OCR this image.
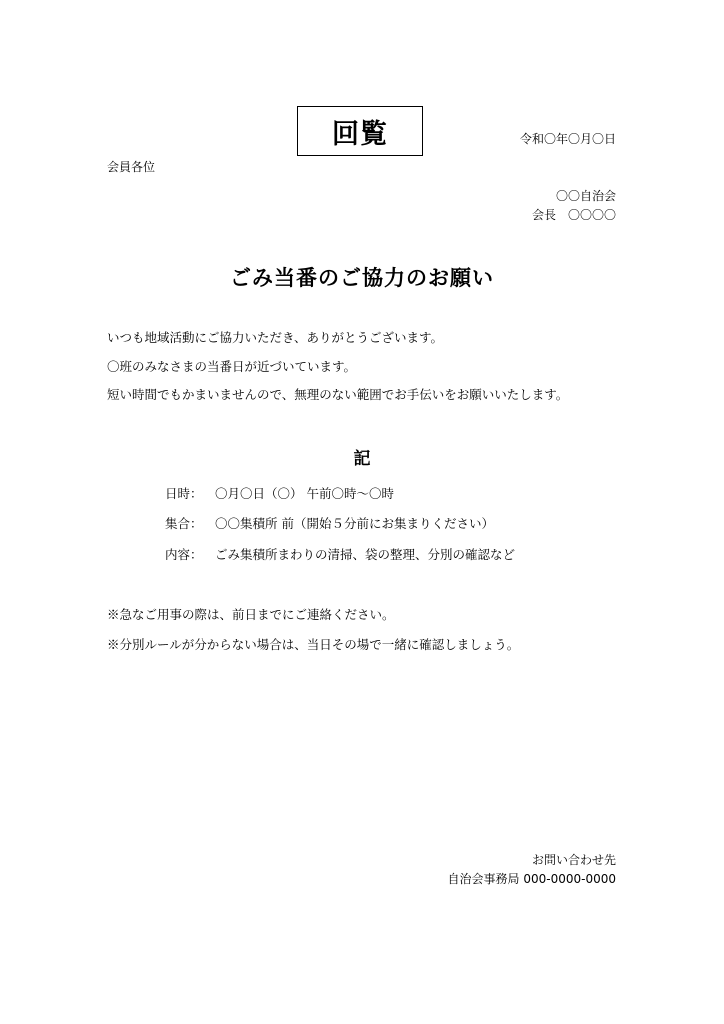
回覧	令和〇年〇月〇日
会員各位
〇〇自治会
会長　〇〇〇〇
ごみ当番のご協力のお願い
いつも地域活動にご協力いただき、ありがとうございます。
〇班のみなさまの当番日が近づいています。
短い時間でもかまいませんので、無理のない範囲でお手伝いをお願いいたします。
記
日時： 〇月〇日（〇） 午前〇時〜〇時
集合： 〇〇集積所 前（開始５分前にお集まりください）
内容： ごみ集積所まわりの清掃、袋の整理、分別の確認など
※急なご用事の際は、前日までにご連絡ください。
※分別ルールが分からない場合は、当日その場で一緒に確認しましょう。
お問い合わせ先
自治会事務局 000-0000-0000
